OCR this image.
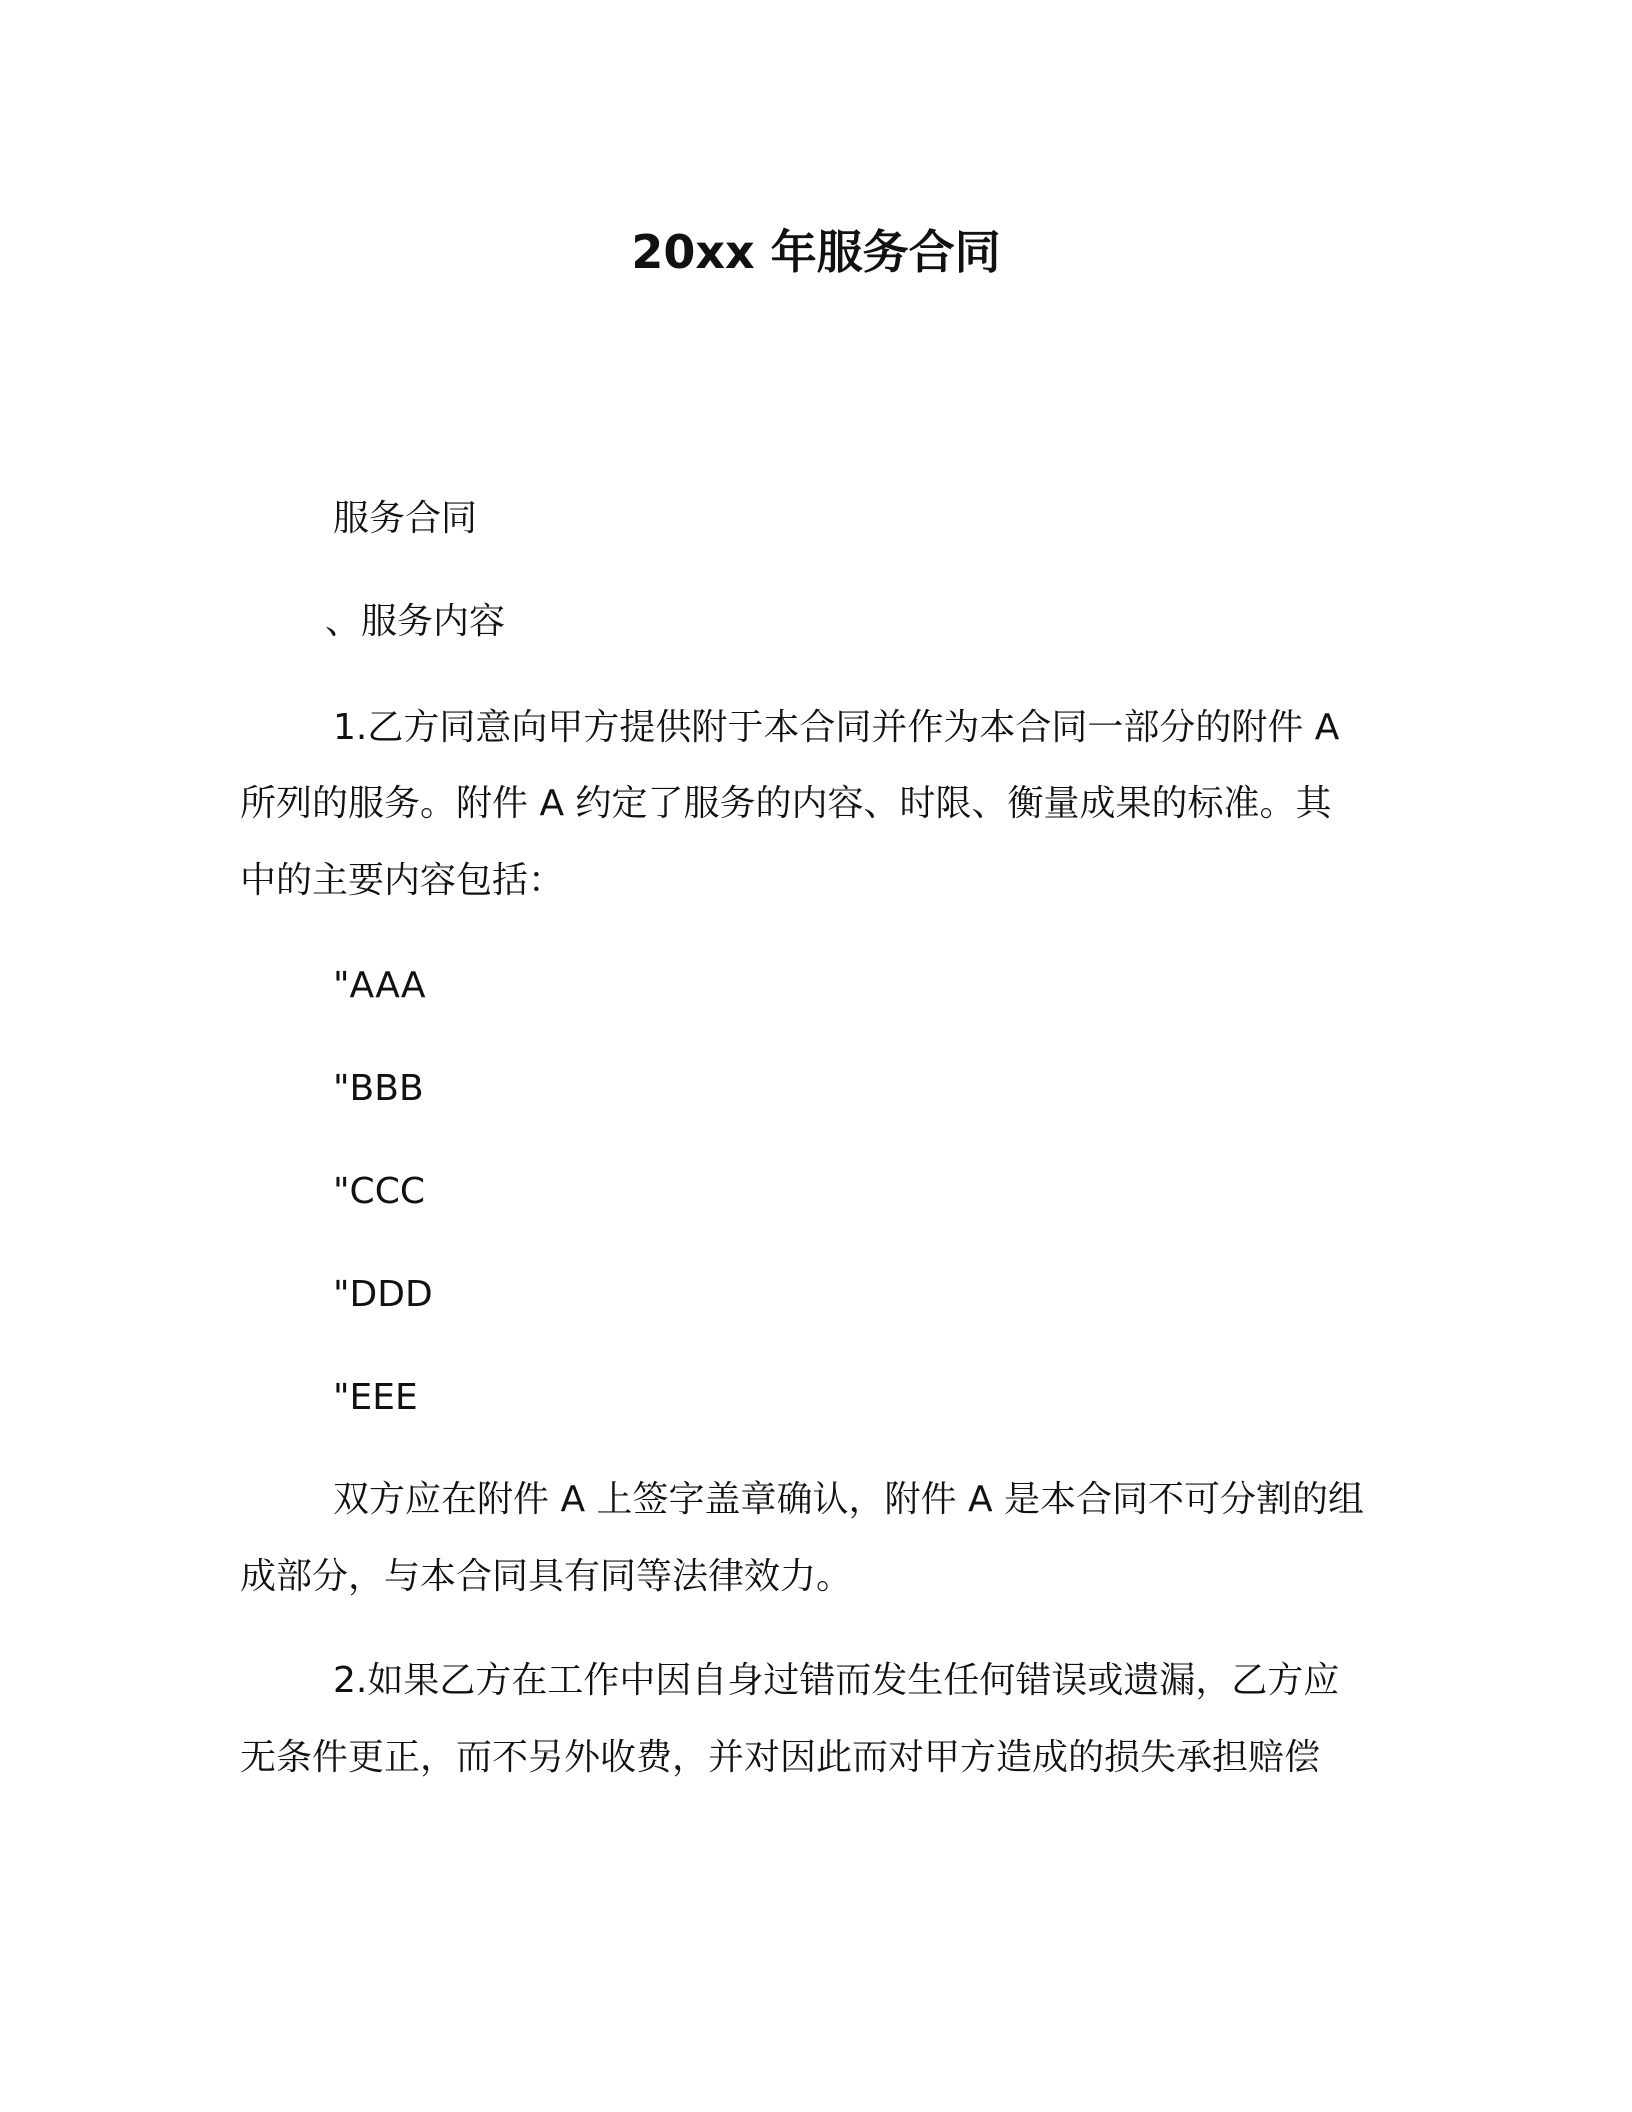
20xx 年服务合同

服务合同

、服务内容

1.乙方同意向甲方提供附于本合同并作为本合同一部分的附件 A

所列的服务。附件 A 约定了服务的内容、时限、衡量成果的标准。其

中的主要内容包括：

"AAA

"BBB

"CCC

"DDD

"EEE

双方应在附件 A 上签字盖章确认，附件 A 是本合同不可分割的组

成部分，与本合同具有同等法律效力。

2.如果乙方在工作中因自身过错而发生任何错误或遗漏，乙方应

无条件更正，而不另外收费，并对因此而对甲方造成的损失承担赔偿
